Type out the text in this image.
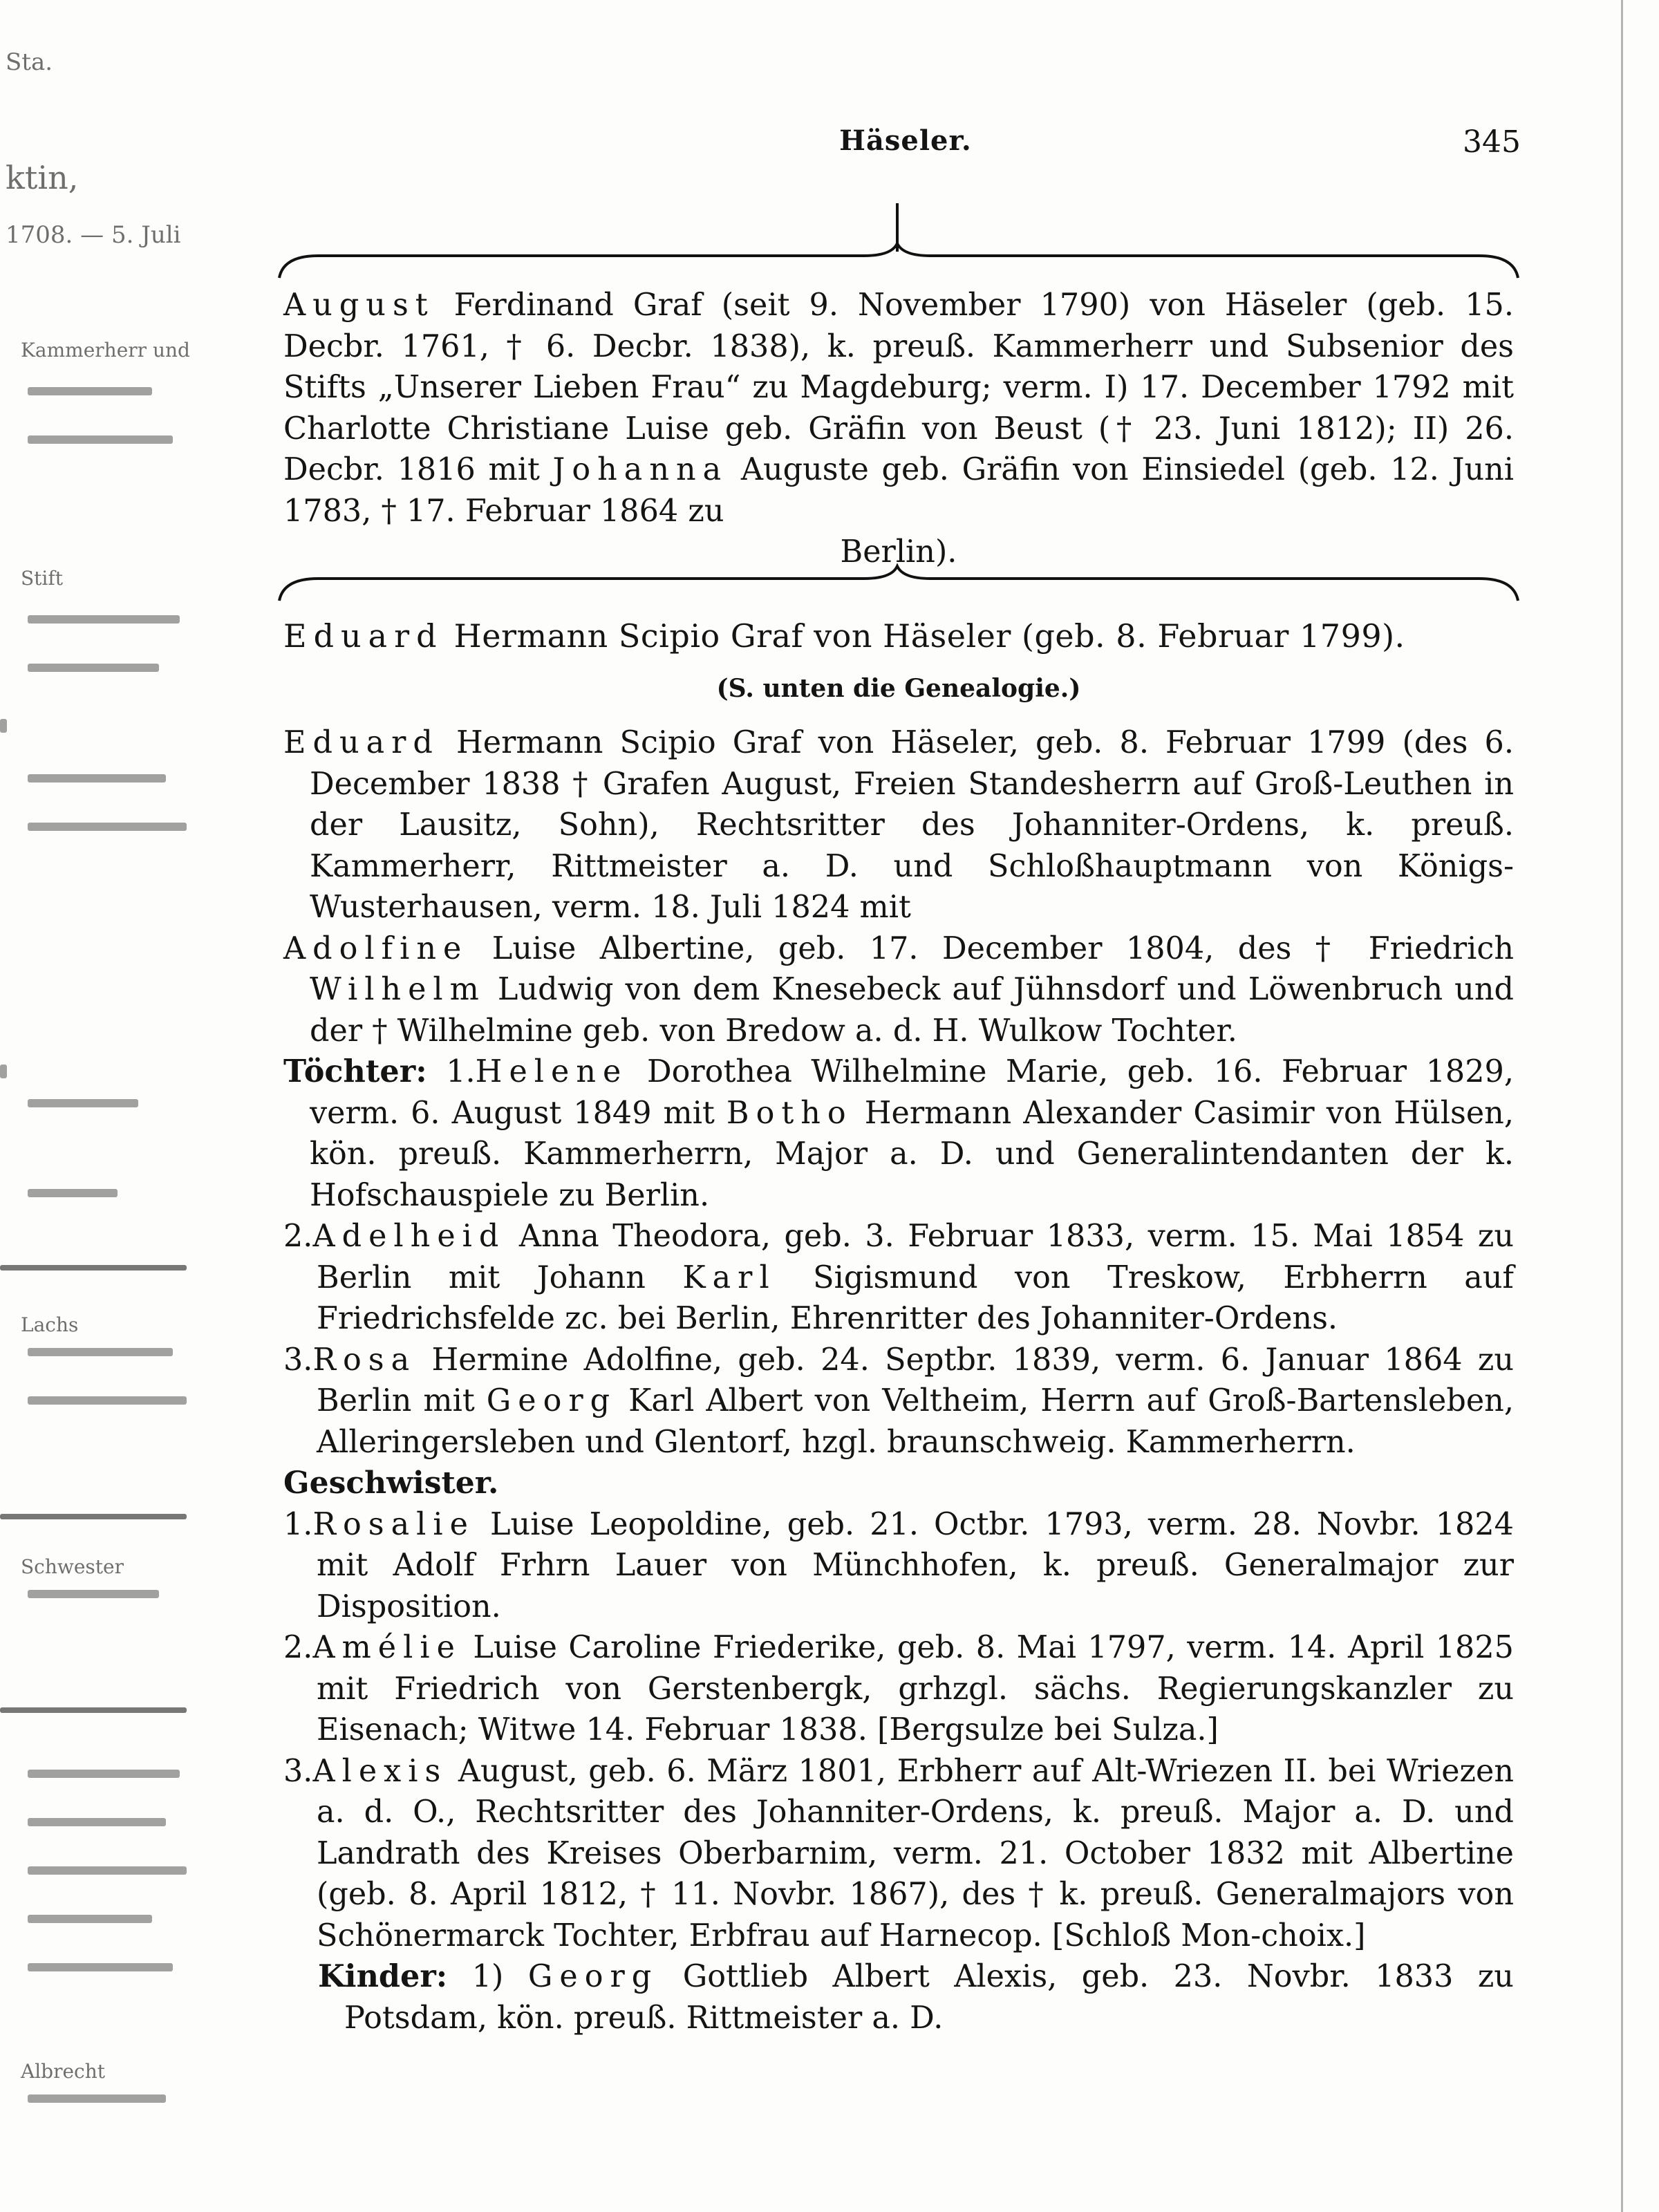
Sta.
ktin,
1708. — 5. Juli
Kammerherr und
Stift
Lachs
Schwester
Albrecht
Häseler.	345

August Ferdinand Graf (seit 9. November 1790) von Häseler (geb. 15. Decbr. 1761, † 6. Decbr. 1838), k. preuß. Kammerherr und Subsenior des Stifts „Unserer Lieben Frau“ zu Magdeburg; verm. I) 17. December 1792 mit Charlotte Christiane Luise geb. Gräfin von Beust († 23. Juni 1812); II) 26. Decbr. 1816 mit Johanna Auguste geb. Gräfin von Einsiedel (geb. 12. Juni 1783, † 17. Februar 1864 zu

Berlin).

Eduard Hermann Scipio Graf von Häseler (geb. 8. Februar 1799).
(S. unten die Genealogie.)

Eduard Hermann Scipio Graf von Häseler, geb. 8. Februar 1799 (des 6. December 1838 † Grafen August, Freien Standesherrn auf Groß-Leuthen in der Lausitz, Sohn), Rechtsritter des Johanniter-Ordens, k. preuß. Kammerherr, Rittmeister a. D. und Schloßhauptmann von Königs-Wusterhausen, verm. 18. Juli 1824 mit

Adolfine Luise Albertine, geb. 17. December 1804, des † Friedrich Wilhelm Ludwig von dem Knesebeck auf Jühnsdorf und Löwenbruch und der † Wilhelmine geb. von Bredow a. d. H. Wulkow Tochter.

Töchter: 1.Helene Dorothea Wilhelmine Marie, geb. 16. Februar 1829, verm. 6. August 1849 mit Botho Hermann Alexander Casimir von Hülsen, kön. preuß. Kammerherrn, Major a. D. und Generalintendanten der k. Hofschauspiele zu Berlin.

2.Adelheid Anna Theodora, geb. 3. Februar 1833, verm. 15. Mai 1854 zu Berlin mit Johann Karl Sigismund von Treskow, Erbherrn auf Friedrichsfelde zc. bei Berlin, Ehrenritter des Johanniter-Ordens.

3.Rosa Hermine Adolfine, geb. 24. Septbr. 1839, verm. 6. Januar 1864 zu Berlin mit Georg Karl Albert von Veltheim, Herrn auf Groß-Bartensleben, Alleringersleben und Glentorf, hzgl. braunschweig. Kammerherrn.

Geschwister.

1.Rosalie Luise Leopoldine, geb. 21. Octbr. 1793, verm. 28. Novbr. 1824 mit Adolf Frhrn Lauer von Münchhofen, k. preuß. Generalmajor zur Disposition.

2.Amélie Luise Caroline Friederike, geb. 8. Mai 1797, verm. 14. April 1825 mit Friedrich von Gerstenbergk, grhzgl. sächs. Regierungskanzler zu Eisenach; Witwe 14. Februar 1838. [Bergsulze bei Sulza.]

3.Alexis August, geb. 6. März 1801, Erbherr auf Alt-Wriezen II. bei Wriezen a. d. O., Rechtsritter des Johanniter-Ordens, k. preuß. Major a. D. und Landrath des Kreises Oberbarnim, verm. 21. October 1832 mit Albertine (geb. 8. April 1812, † 11. Novbr. 1867), des † k. preuß. Generalmajors von Schönermarck Tochter, Erbfrau auf Harnecop. [Schloß Mon-choix.]

Kinder: 1) Georg Gottlieb Albert Alexis, geb. 23. Novbr. 1833 zu Potsdam, kön. preuß. Rittmeister a. D.
